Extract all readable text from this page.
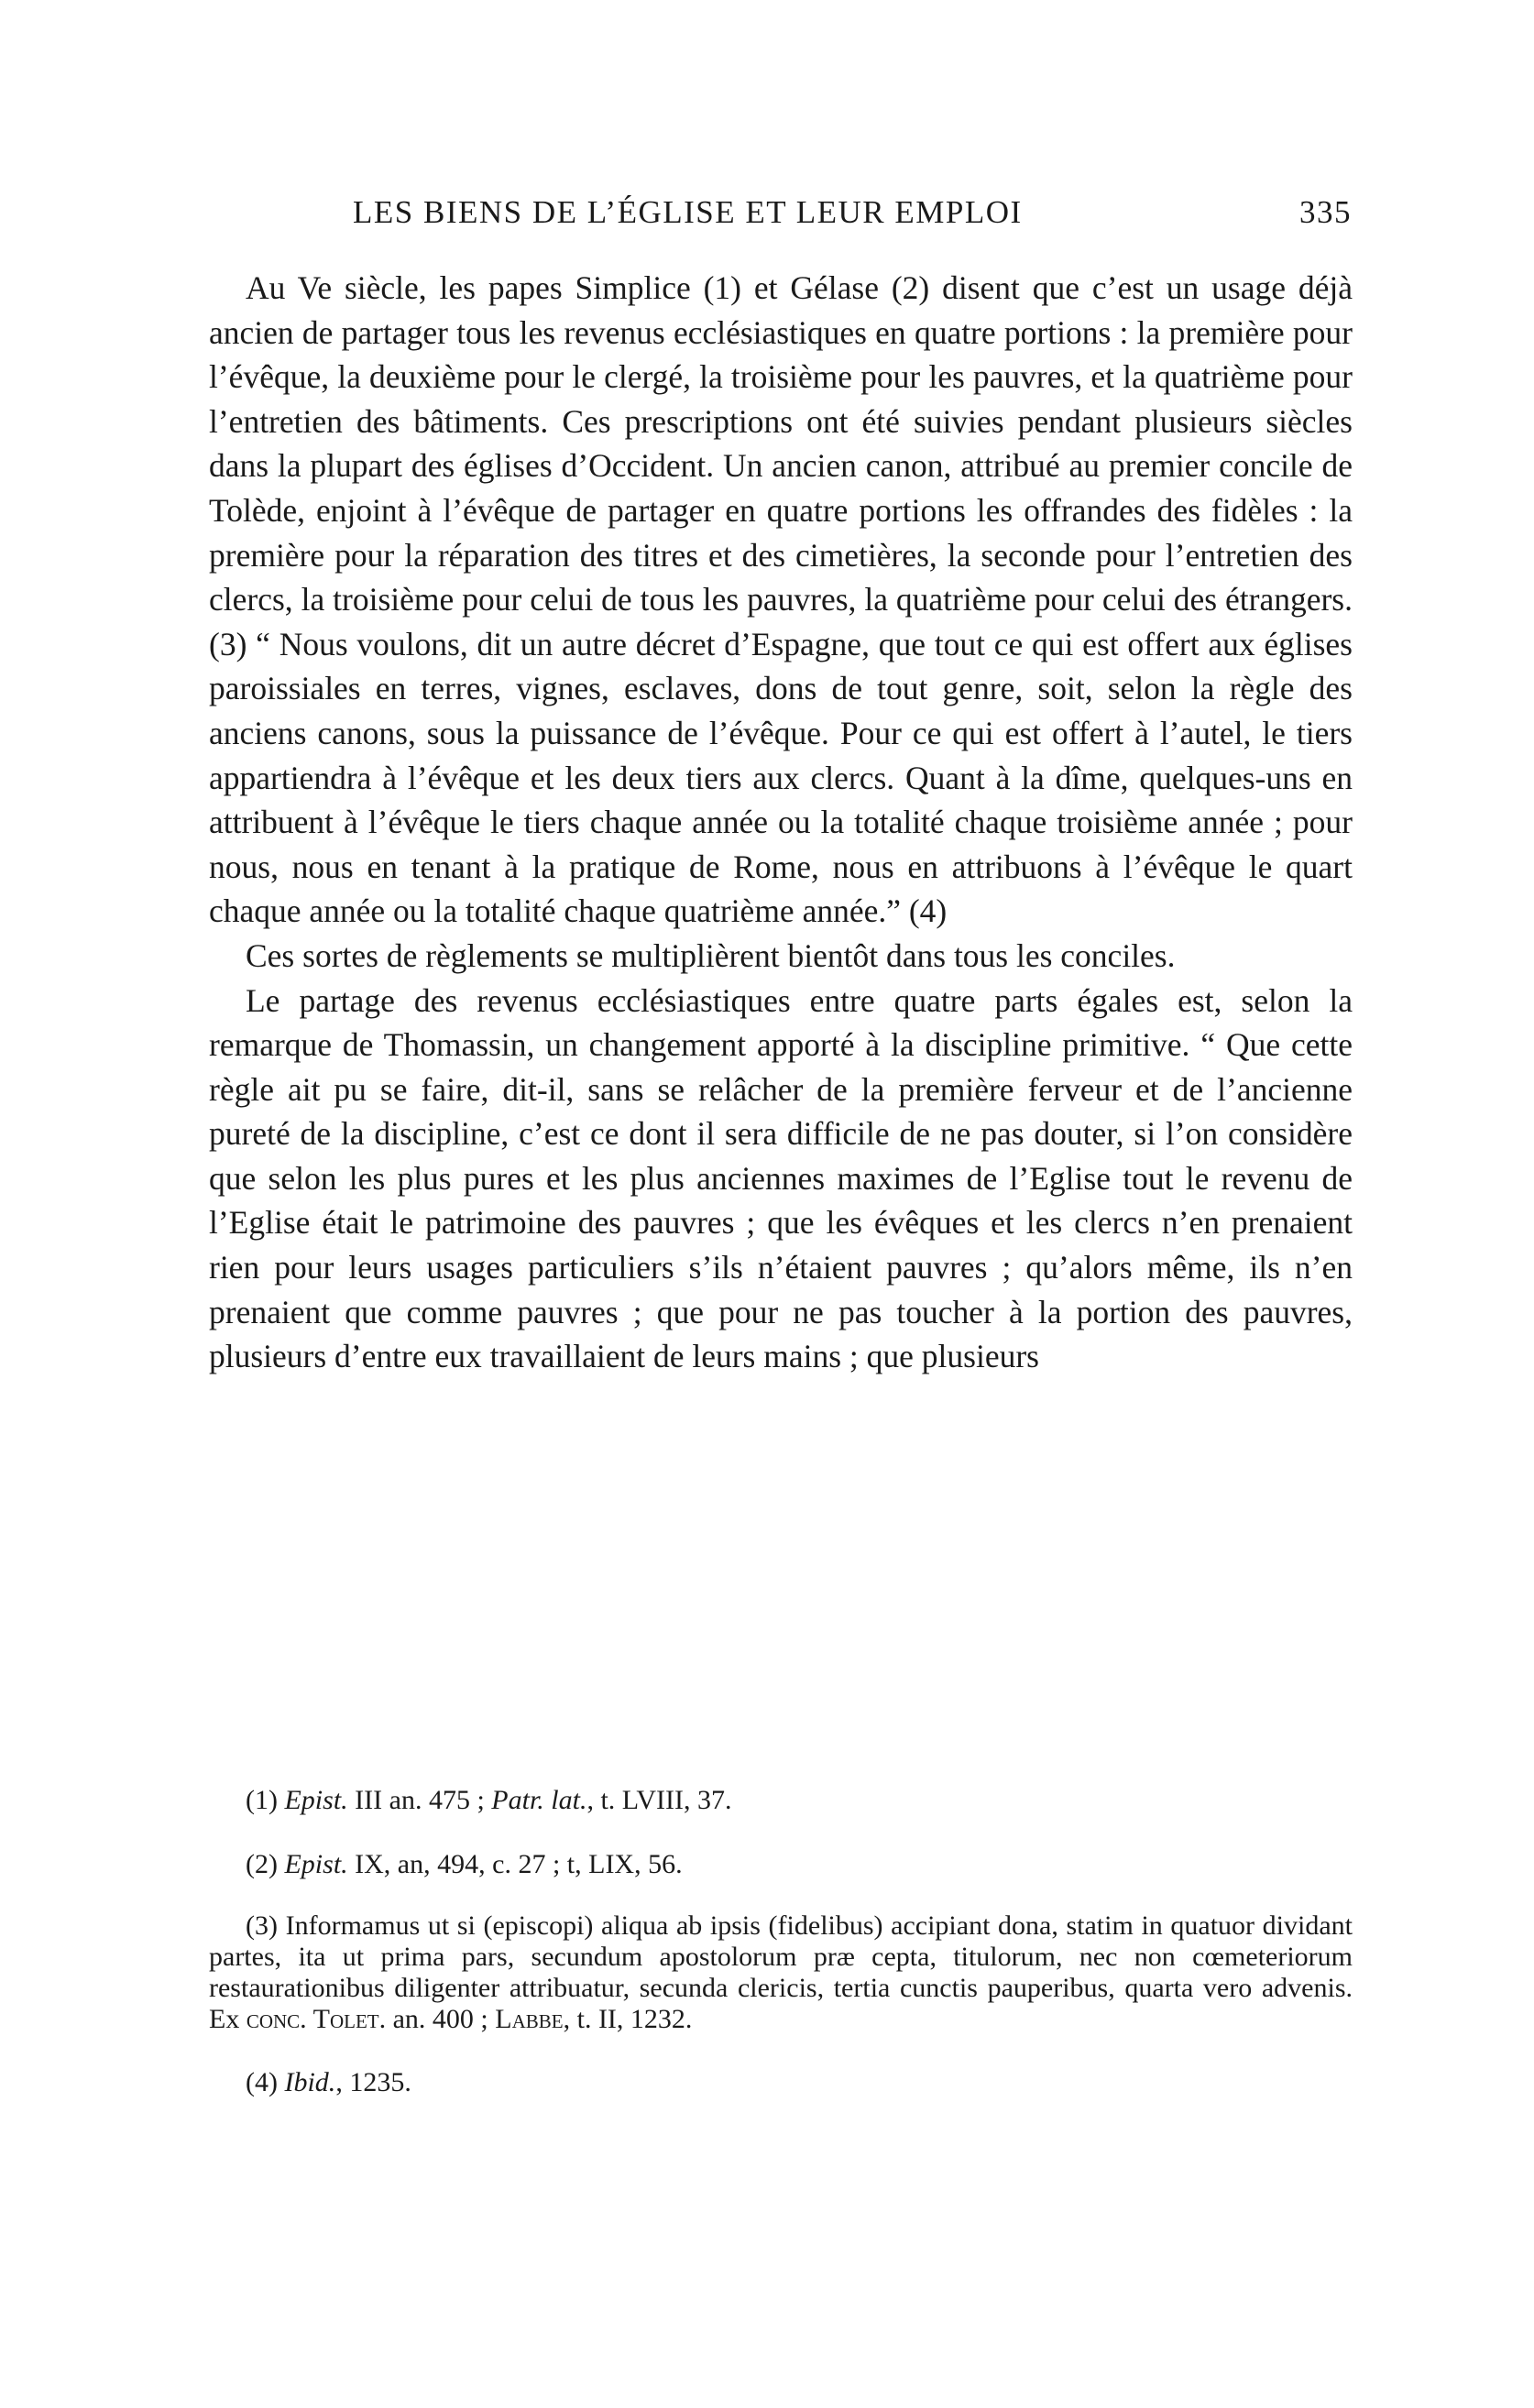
LES BIENS DE L’ÉGLISE ET LEUR EMPLOI	335

Au Ve siècle, les papes Simplice (1) et Gélase (2) disent que c’est un usage déjà ancien de partager tous les revenus ecclésiastiques en quatre portions : la première pour l’évêque, la deuxième pour le clergé, la troisième pour les pauvres, et la quatrième pour l’entretien des bâtiments. Ces prescriptions ont été suivies pendant plusieurs siècles dans la plupart des églises d’Occident. Un ancien canon, attribué au premier concile de Tolède, enjoint à l’évêque de partager en quatre portions les offrandes des fidèles : la première pour la réparation des titres et des cimetières, la seconde pour l’entretien des clercs, la troisième pour celui de tous les pauvres, la quatrième pour celui des étrangers. (3) “ Nous voulons, dit un autre décret d’Espagne, que tout ce qui est offert aux églises paroissiales en terres, vignes, esclaves, dons de tout genre, soit, selon la règle des anciens canons, sous la puissance de l’évêque. Pour ce qui est offert à l’autel, le tiers appartiendra à l’évêque et les deux tiers aux clercs. Quant à la dîme, quelques-uns en attribuent à l’évêque le tiers chaque année ou la totalité chaque troisième année ; pour nous, nous en tenant à la pratique de Rome, nous en attribuons à l’évêque le quart chaque année ou la totalité chaque quatrième année.” (4)

Ces sortes de règlements se multiplièrent bientôt dans tous les conciles.

Le partage des revenus ecclésiastiques entre quatre parts égales est, selon la remarque de Thomassin, un changement apporté à la discipline primitive. “ Que cette règle ait pu se faire, dit-il, sans se relâcher de la première ferveur et de l’ancienne pureté de la discipline, c’est ce dont il sera difficile de ne pas douter, si l’on considère que selon les plus pures et les plus anciennes maximes de l’Eglise tout le revenu de l’Eglise était le patrimoine des pauvres ; que les évêques et les clercs n’en prenaient rien pour leurs usages particuliers s’ils n’étaient pauvres ; qu’alors même, ils n’en prenaient que comme pauvres ; que pour ne pas toucher à la portion des pauvres, plusieurs d’entre eux travaillaient de leurs mains ; que plusieurs

(1) Epist. III an. 475 ; Patr. lat., t. LVIII, 37.

(2) Epist. IX, an, 494, c. 27 ; t, LIX, 56.

(3) Informamus ut si (episcopi) aliqua ab ipsis (fidelibus) accipiant dona, statim in quatuor dividant partes, ita ut prima pars, secundum apostolorum præ cepta, titulorum, nec non cœmeteriorum restaurationibus diligenter attribuatur, secunda clericis, tertia cunctis pauperibus, quarta vero advenis. Ex conc. Tolet. an. 400 ; Labbe, t. II, 1232.

(4) Ibid., 1235.
